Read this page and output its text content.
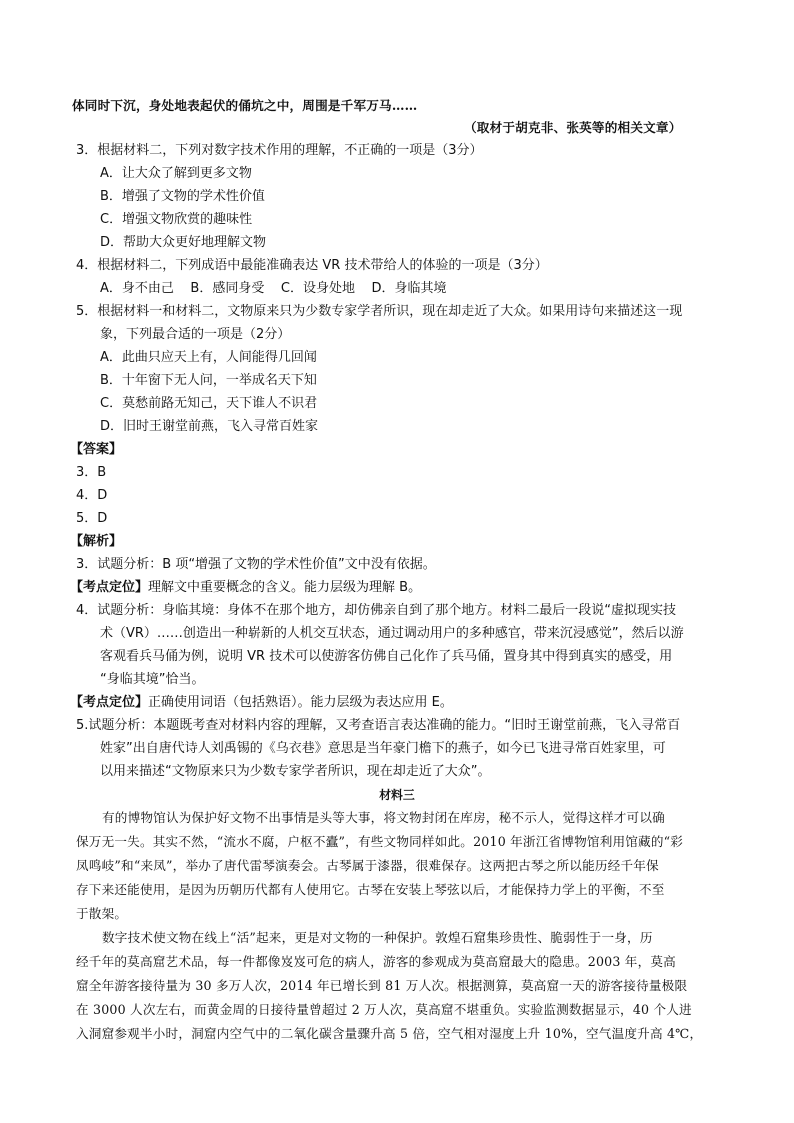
体同时下沉，身处地表起伏的俑坑之中，周围是千军万马……
（取材于胡克非、张英等的相关文章）
3．根据材料二，下列对数字技术作用的理解，不正确的一项是（3分）
A．让大众了解到更多文物
B．增强了文物的学术性价值
C．增强文物欣赏的趣味性
D．帮助大众更好地理解文物
4．根据材料二，下列成语中最能准确表达 VR 技术带给人的体验的一项是（3分）
A．身不由己    B．感同身受    C．设身处地    D．身临其境
5．根据材料一和材料二，文物原来只为少数专家学者所识，现在却走近了大众。如果用诗句来描述这一现
象，下列最合适的一项是（2分）
A．此曲只应天上有，人间能得几回闻
B．十年窗下无人问，一举成名天下知
C．莫愁前路无知己，天下谁人不识君
D．旧时王谢堂前燕，飞入寻常百姓家
【答案】
3．B
4．D
5．D
【解析】
3．试题分析：B 项“增强了文物的学术性价值”文中没有依据。
【考点定位】理解文中重要概念的含义。能力层级为理解 B。
4．试题分析：身临其境：身体不在那个地方，却仿佛亲自到了那个地方。材料二最后一段说“虚拟现实技
术（VR）……创造出一种崭新的人机交互状态，通过调动用户的多种感官，带来沉浸感觉”，然后以游
客观看兵马俑为例，说明 VR 技术可以使游客仿佛自己化作了兵马俑，置身其中得到真实的感受，用
“身临其境”恰当。
【考点定位】正确使用词语（包括熟语）。能力层级为表达应用 E。
5.试题分析：本题既考查对材料内容的理解，又考查语言表达准确的能力。“旧时王谢堂前燕，飞入寻常百
姓家”出自唐代诗人刘禹锡的《乌衣巷》意思是当年豪门檐下的燕子，如今已飞进寻常百姓家里，可
以用来描述“文物原来只为少数专家学者所识，现在却走近了大众”。
材料三
有的博物馆认为保护好文物不出事情是头等大事，将文物封闭在库房，秘不示人，觉得这样才可以确
保万无一失。其实不然，“流水不腐，户枢不蠹”，有些文物同样如此。2010 年浙江省博物馆利用馆藏的“彩
凤鸣岐”和“来凤”，举办了唐代雷琴演奏会。古琴属于漆器，很难保存。这两把古琴之所以能历经千年保
存下来还能使用，是因为历朝历代都有人使用它。古琴在安装上琴弦以后，才能保持力学上的平衡，不至
于散架。
数字技术使文物在线上“活”起来，更是对文物的一种保护。敦煌石窟集珍贵性、脆弱性于一身，历
经千年的莫高窟艺术品，每一件都像岌岌可危的病人，游客的参观成为莫高窟最大的隐患。2003 年，莫高
窟全年游客接待量为 30 多万人次，2014 年已增长到 81 万人次。根据测算，莫高窟一天的游客接待量极限
在 3000 人次左右，而黄金周的日接待量曾超过 2 万人次，莫高窟不堪重负。实验监测数据显示，40 个人进
入洞窟参观半小时，洞窟内空气中的二氧化碳含量骤升高 5 倍，空气相对湿度上升 10%，空气温度升高 4℃，
